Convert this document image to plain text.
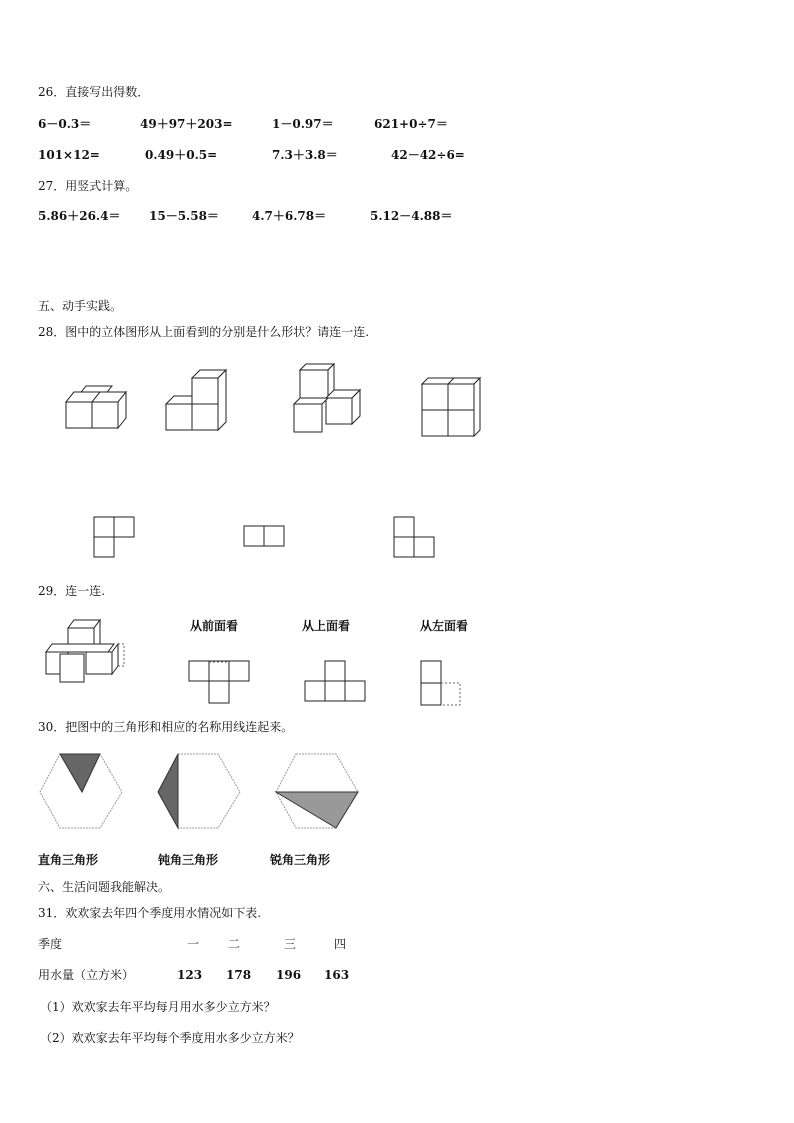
26．直接写出得数．
6－0.3＝	49＋97＋203=	1－0.97＝	621+0÷7＝
101×12=	0.49＋0.5=	7.3＋3.8＝	42－42÷6=
27．用竖式计算。
5.86＋26.4＝ 15－5.58＝	4.7＋6.78＝	5.12－4.88＝
五、动手实践。
28．图中的立体图形从上面看到的分别是什么形状？请连一连.
29．连一连.
从前面看	从上面看	从左面看
30．把图中的三角形和相应的名称用线连起来。
直角三角形	钝角三角形	锐角三角形
六、生活问题我能解决。
31．欢欢家去年四个季度用水情况如下表.
季度	一 二	三	四
用水量（立方米）	123 178 196 163
（1）欢欢家去年平均每月用水多少立方米？
（2）欢欢家去年平均每个季度用水多少立方米？
